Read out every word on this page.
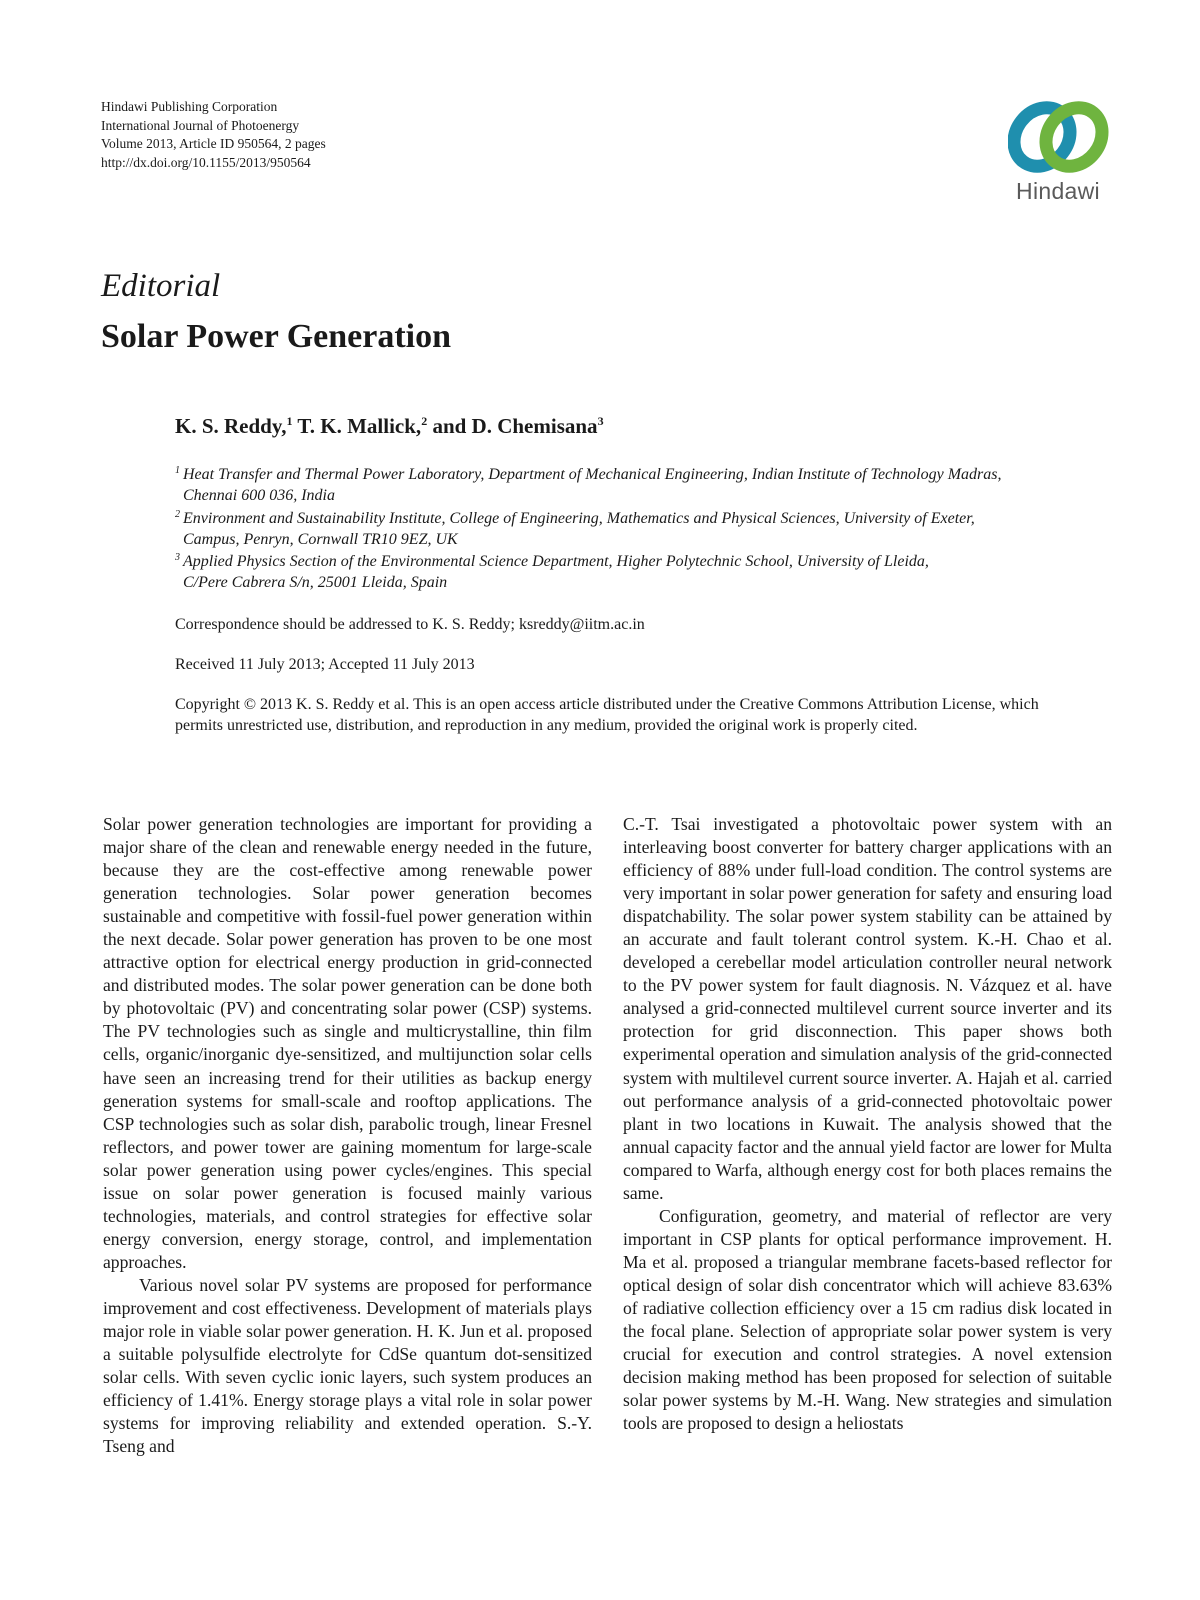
Hindawi Publishing Corporation
International Journal of Photoenergy
Volume 2013, Article ID 950564, 2 pages
http://dx.doi.org/10.1155/2013/950564
Hindawi
Editorial
Solar Power Generation
K. S. Reddy,$^1$ T. K. Mallick,$^2$ and D. Chemisana$^3$
1 Heat Transfer and Thermal Power Laboratory, Department of Mechanical Engineering, Indian Institute of Technology Madras,
Chennai 600 036, India
2 Environment and Sustainability Institute, College of Engineering, Mathematics and Physical Sciences, University of Exeter,
Campus, Penryn, Cornwall TR10 9EZ, UK
3 Applied Physics Section of the Environmental Science Department, Higher Polytechnic School, University of Lleida,
C/Pere Cabrera S/n, 25001 Lleida, Spain
Correspondence should be addressed to K. S. Reddy; ksreddy@iitm.ac.in
Received 11 July 2013; Accepted 11 July 2013
Copyright © 2013 K. S. Reddy et al. This is an open access article distributed under the Creative Commons Attribution License, which permits unrestricted use, distribution, and reproduction in any medium, provided the original work is properly cited.

Solar power generation technologies are important for providing a major share of the clean and renewable energy needed in the future, because they are the cost-effective among renewable power generation technologies. Solar power generation becomes sustainable and competitive with fossil-fuel power generation within the next decade. Solar power generation has proven to be one most attractive option for electrical energy production in grid-connected and distributed modes. The solar power generation can be done both by photovoltaic (PV) and concentrating solar power (CSP) systems. The PV technologies such as single and multicrystalline, thin film cells, organic/inorganic dye-sensitized, and multijunction solar cells have seen an increasing trend for their utilities as backup energy generation systems for small-scale and rooftop applications. The CSP technologies such as solar dish, parabolic trough, linear Fresnel reflectors, and power tower are gaining momentum for large-scale solar power generation using power cycles/engines. This special issue on solar power generation is focused mainly various technologies, materials, and control strategies for effective solar energy conversion, energy storage, control, and implementation approaches.

Various novel solar PV systems are proposed for performance improvement and cost effectiveness. Development of materials plays major role in viable solar power generation. H. K. Jun et al. proposed a suitable polysulfide electrolyte for CdSe quantum dot-sensitized solar cells. With seven cyclic ionic layers, such system produces an efficiency of 1.41%. Energy storage plays a vital role in solar power systems for improving reliability and extended operation. S.-Y. Tseng and

C.-T. Tsai investigated a photovoltaic power system with an interleaving boost converter for battery charger applications with an efficiency of 88% under full-load condition. The control systems are very important in solar power generation for safety and ensuring load dispatchability. The solar power system stability can be attained by an accurate and fault tolerant control system. K.-H. Chao et al. developed a cerebellar model articulation controller neural network to the PV power system for fault diagnosis. N. Vázquez et al. have analysed a grid-connected multilevel current source inverter and its protection for grid disconnection. This paper shows both experimental operation and simulation analysis of the grid-connected system with multilevel current source inverter. A. Hajah et al. carried out performance analysis of a grid-connected photovoltaic power plant in two locations in Kuwait. The analysis showed that the annual capacity factor and the annual yield factor are lower for Multa compared to Warfa, although energy cost for both places remains the same.

Configuration, geometry, and material of reflector are very important in CSP plants for optical performance improvement. H. Ma et al. proposed a triangular membrane facets-based reflector for optical design of solar dish concentrator which will achieve 83.63% of radiative collection efficiency over a 15 cm radius disk located in the focal plane. Selection of appropriate solar power system is very crucial for execution and control strategies. A novel extension decision making method has been proposed for selection of suitable solar power systems by M.-H. Wang. New strategies and simulation tools are proposed to design a heliostats
